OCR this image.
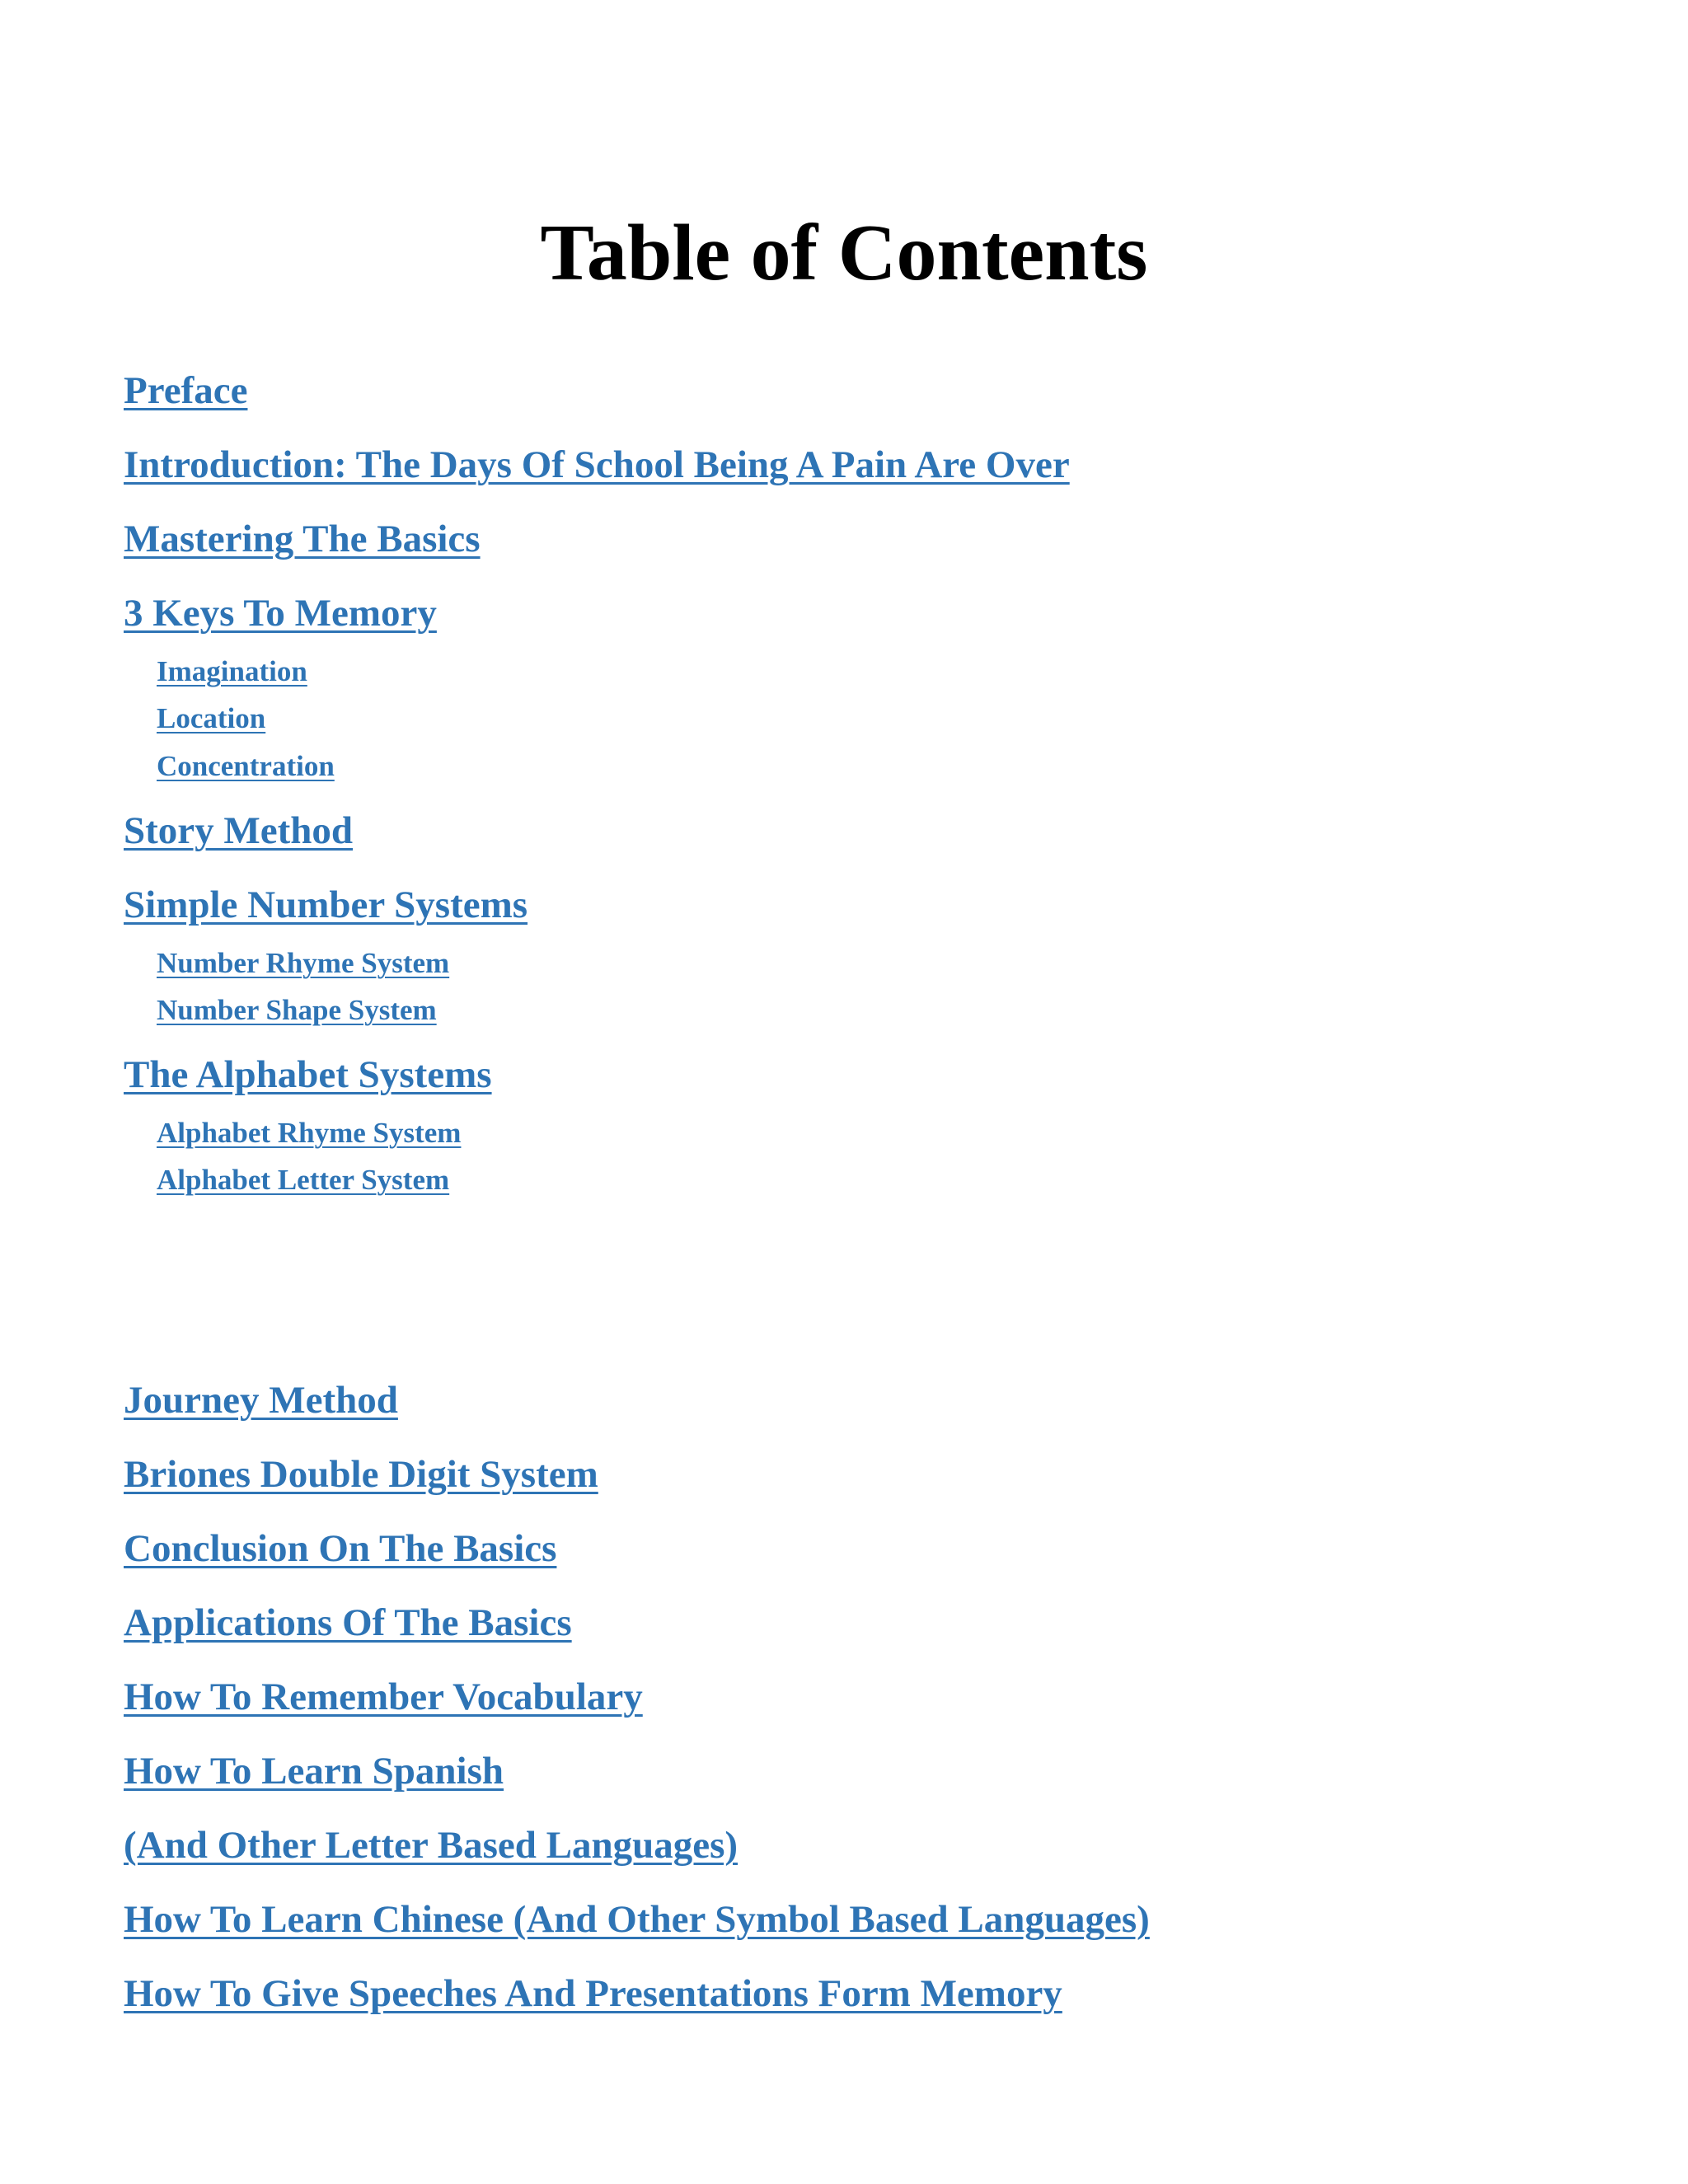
Table of Contents
Preface
Introduction: The Days Of School Being A Pain Are Over
Mastering The Basics
3 Keys To Memory
Imagination
Location
Concentration
Story Method
Simple Number Systems
Number Rhyme System
Number Shape System
The Alphabet Systems
Alphabet Rhyme System
Alphabet Letter System
Journey Method
Briones Double Digit System
Conclusion On The Basics
Applications Of The Basics
How To Remember Vocabulary
How To Learn Spanish
(And Other Letter Based Languages)
How To Learn Chinese (And Other Symbol Based Languages)
How To Give Speeches And Presentations Form Memory
